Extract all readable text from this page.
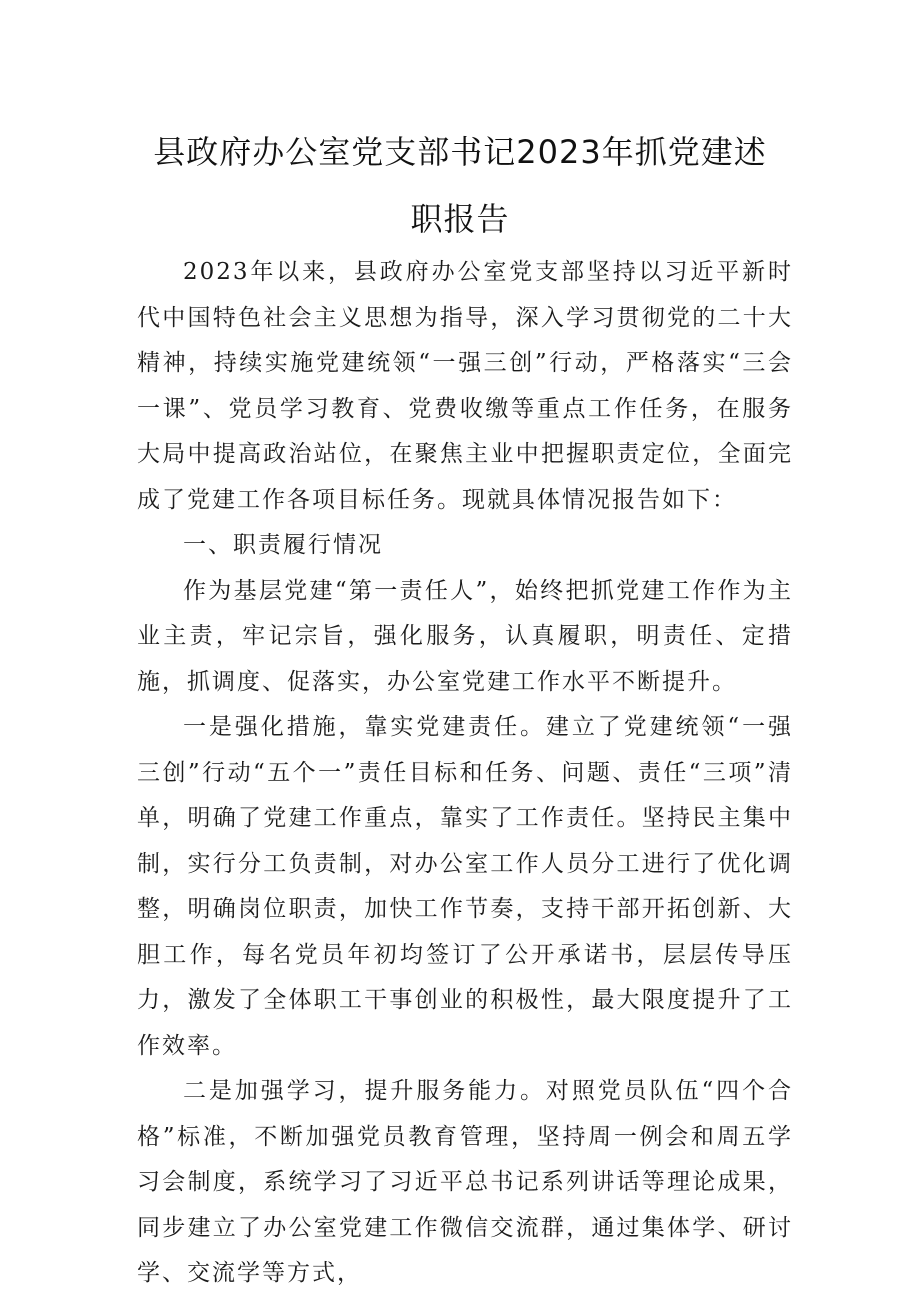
县政府办公室党支部书记2023年抓党建述
职报告

2023年以来，县政府办公室党支部坚持以习近平新时代中国特色社会主义思想为指导，深入学习贯彻党的二十大精神，持续实施党建统领“一强三创”行动，严格落实“三会一课”、党员学习教育、党费收缴等重点工作任务，在服务大局中提高政治站位，在聚焦主业中把握职责定位，全面完成了党建工作各项目标任务。现就具体情况报告如下：

一、职责履行情况

作为基层党建“第一责任人”，始终把抓党建工作作为主业主责，牢记宗旨，强化服务，认真履职，明责任、定措施，抓调度、促落实，办公室党建工作水平不断提升。

一是强化措施，靠实党建责任。建立了党建统领“一强三创”行动“五个一”责任目标和任务、问题、责任“三项”清单，明确了党建工作重点，靠实了工作责任。坚持民主集中制，实行分工负责制，对办公室工作人员分工进行了优化调整，明确岗位职责，加快工作节奏，支持干部开拓创新、大胆工作，每名党员年初均签订了公开承诺书，层层传导压力，激发了全体职工干事创业的积极性，最大限度提升了工作效率。

二是加强学习，提升服务能力。对照党员队伍“四个合格”标准，不断加强党员教育管理，坚持周一例会和周五学习会制度，系统学习了习近平总书记系列讲话等理论成果，同步建立了办公室党建工作微信交流群，通过集体学、研讨学、交流学等方式，
